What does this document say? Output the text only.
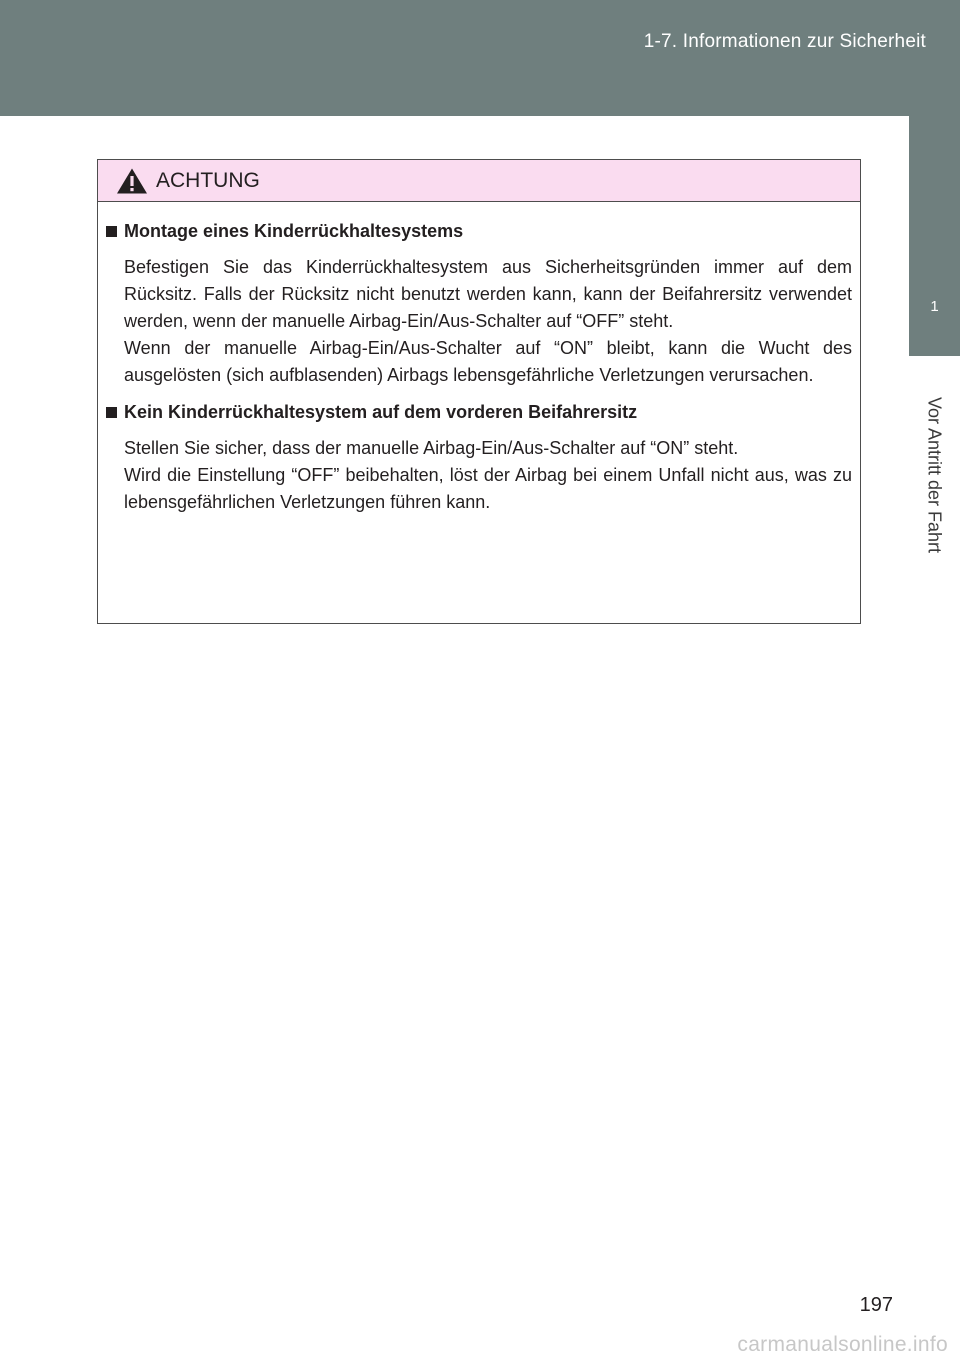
1-7. Informationen zur Sicherheit
1
Vor Antritt der Fahrt
ACHTUNG
Montage eines Kinderrückhaltesystems

Befestigen Sie das Kinderrückhaltesystem aus Sicherheitsgründen immer auf dem Rücksitz. Falls der Rücksitz nicht benutzt werden kann, kann der Beifahrersitz verwendet werden, wenn der manuelle Airbag-Ein/Aus-Schalter auf “OFF” steht.

Wenn der manuelle Airbag-Ein/Aus-Schalter auf “ON” bleibt, kann die Wucht des ausgelösten (sich aufblasenden) Airbags lebensgefährliche Verletzungen verursachen.

Kein Kinderrückhaltesystem auf dem vorderen Beifahrersitz

Stellen Sie sicher, dass der manuelle Airbag-Ein/Aus-Schalter auf “ON” steht.

Wird die Einstellung “OFF” beibehalten, löst der Airbag bei einem Unfall nicht aus, was zu lebensgefährlichen Verletzungen führen kann.

197
carmanualsonline.info
